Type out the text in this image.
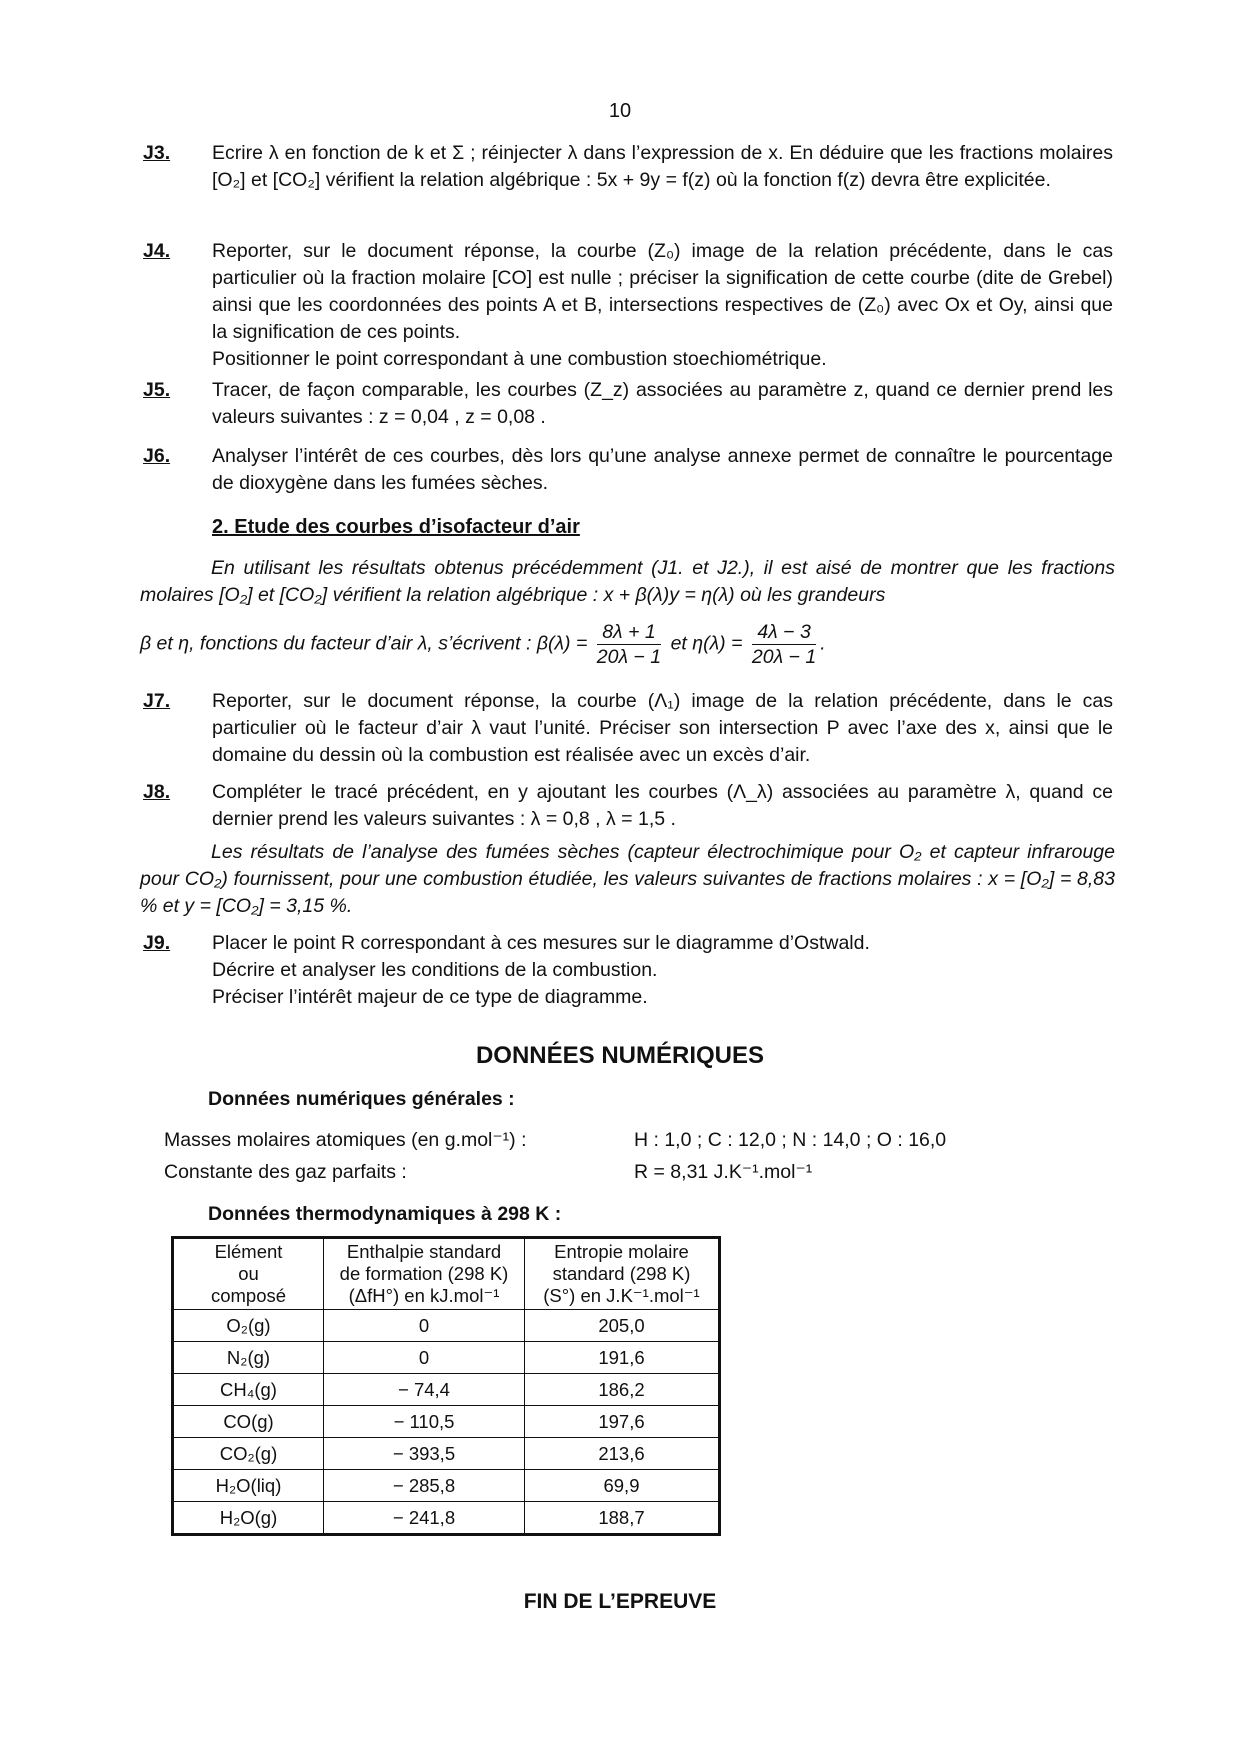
10
J3. Ecrire λ en fonction de k et Σ ; réinjecter λ dans l’expression de x. En déduire que les fractions molaires [O₂] et [CO₂] vérifient la relation algébrique : 5x + 9y = f(z) où la fonction f(z) devra être explicitée.

J4. Reporter, sur le document réponse, la courbe (Z₀) image de la relation précédente, dans le cas particulier où la fraction molaire [CO] est nulle ; préciser la signification de cette courbe (dite de Grebel) ainsi que les coordonnées des points A et B, intersections respectives de (Z₀) avec Ox et Oy, ainsi que la signification de ces points.

Positionner le point correspondant à une combustion stoechiométrique.

J5. Tracer, de façon comparable, les courbes (Z_z) associées au paramètre z, quand ce dernier prend les valeurs suivantes : z = 0,04 , z = 0,08 .

J6. Analyser l’intérêt de ces courbes, dès lors qu’une analyse annexe permet de connaître le pourcentage de dioxygène dans les fumées sèches.

2. Etude des courbes d’isofacteur d’air
En utilisant les résultats obtenus précédemment (J1. et J2.), il est aisé de montrer que les fractions molaires [O₂] et [CO₂] vérifient la relation algébrique : x + β(λ)y = η(λ) où les grandeurs
β et η, fonctions du facteur d’air λ, s’écrivent : $\beta(\lambda) = \frac{8\lambda + 1}{20\lambda - 1}$ et $\eta(\lambda) = \frac{4\lambda - 3}{20\lambda - 1}$ .
J7. Reporter, sur le document réponse, la courbe (Λ₁) image de la relation précédente, dans le cas particulier où le facteur d’air λ vaut l’unité. Préciser son intersection P avec l’axe des x, ainsi que le domaine du dessin où la combustion est réalisée avec un excès d’air.

J8. Compléter le tracé précédent, en y ajoutant les courbes (Λ_λ) associées au paramètre λ, quand ce dernier prend les valeurs suivantes : λ = 0,8 , λ = 1,5 .

Les résultats de l’analyse des fumées sèches (capteur électrochimique pour O₂ et capteur infrarouge pour CO₂) fournissent, pour une combustion étudiée, les valeurs suivantes de fractions molaires : x = [O₂] = 8,83 % et y = [CO₂] = 3,15 %.
J9. Placer le point R correspondant à ces mesures sur le diagramme d’Ostwald.

Décrire et analyser les conditions de la combustion.

Préciser l’intérêt majeur de ce type de diagramme.

DONNÉES NUMÉRIQUES
Données numériques générales :
Masses molaires atomiques (en g.mol⁻¹) :	H : 1,0 ; C : 12,0 ; N : 14,0 ; O : 16,0
Constante des gaz parfaits :	R = 8,31 J.K⁻¹.mol⁻¹
Données thermodynamiques à 298 K :
Elément
ou
composé	Enthalpie standard
de formation (298 K)
(ΔfH°) en kJ.mol⁻¹	Entropie molaire
standard (298 K)
(S°) en J.K⁻¹.mol⁻¹
O₂(g)	0	205,0
N₂(g)	0	191,6
CH₄(g)	− 74,4	186,2
CO(g)	− 110,5	197,6
CO₂(g)	− 393,5	213,6
H₂O(liq)	− 285,8	69,9
H₂O(g)	− 241,8	188,7
FIN DE L’EPREUVE
